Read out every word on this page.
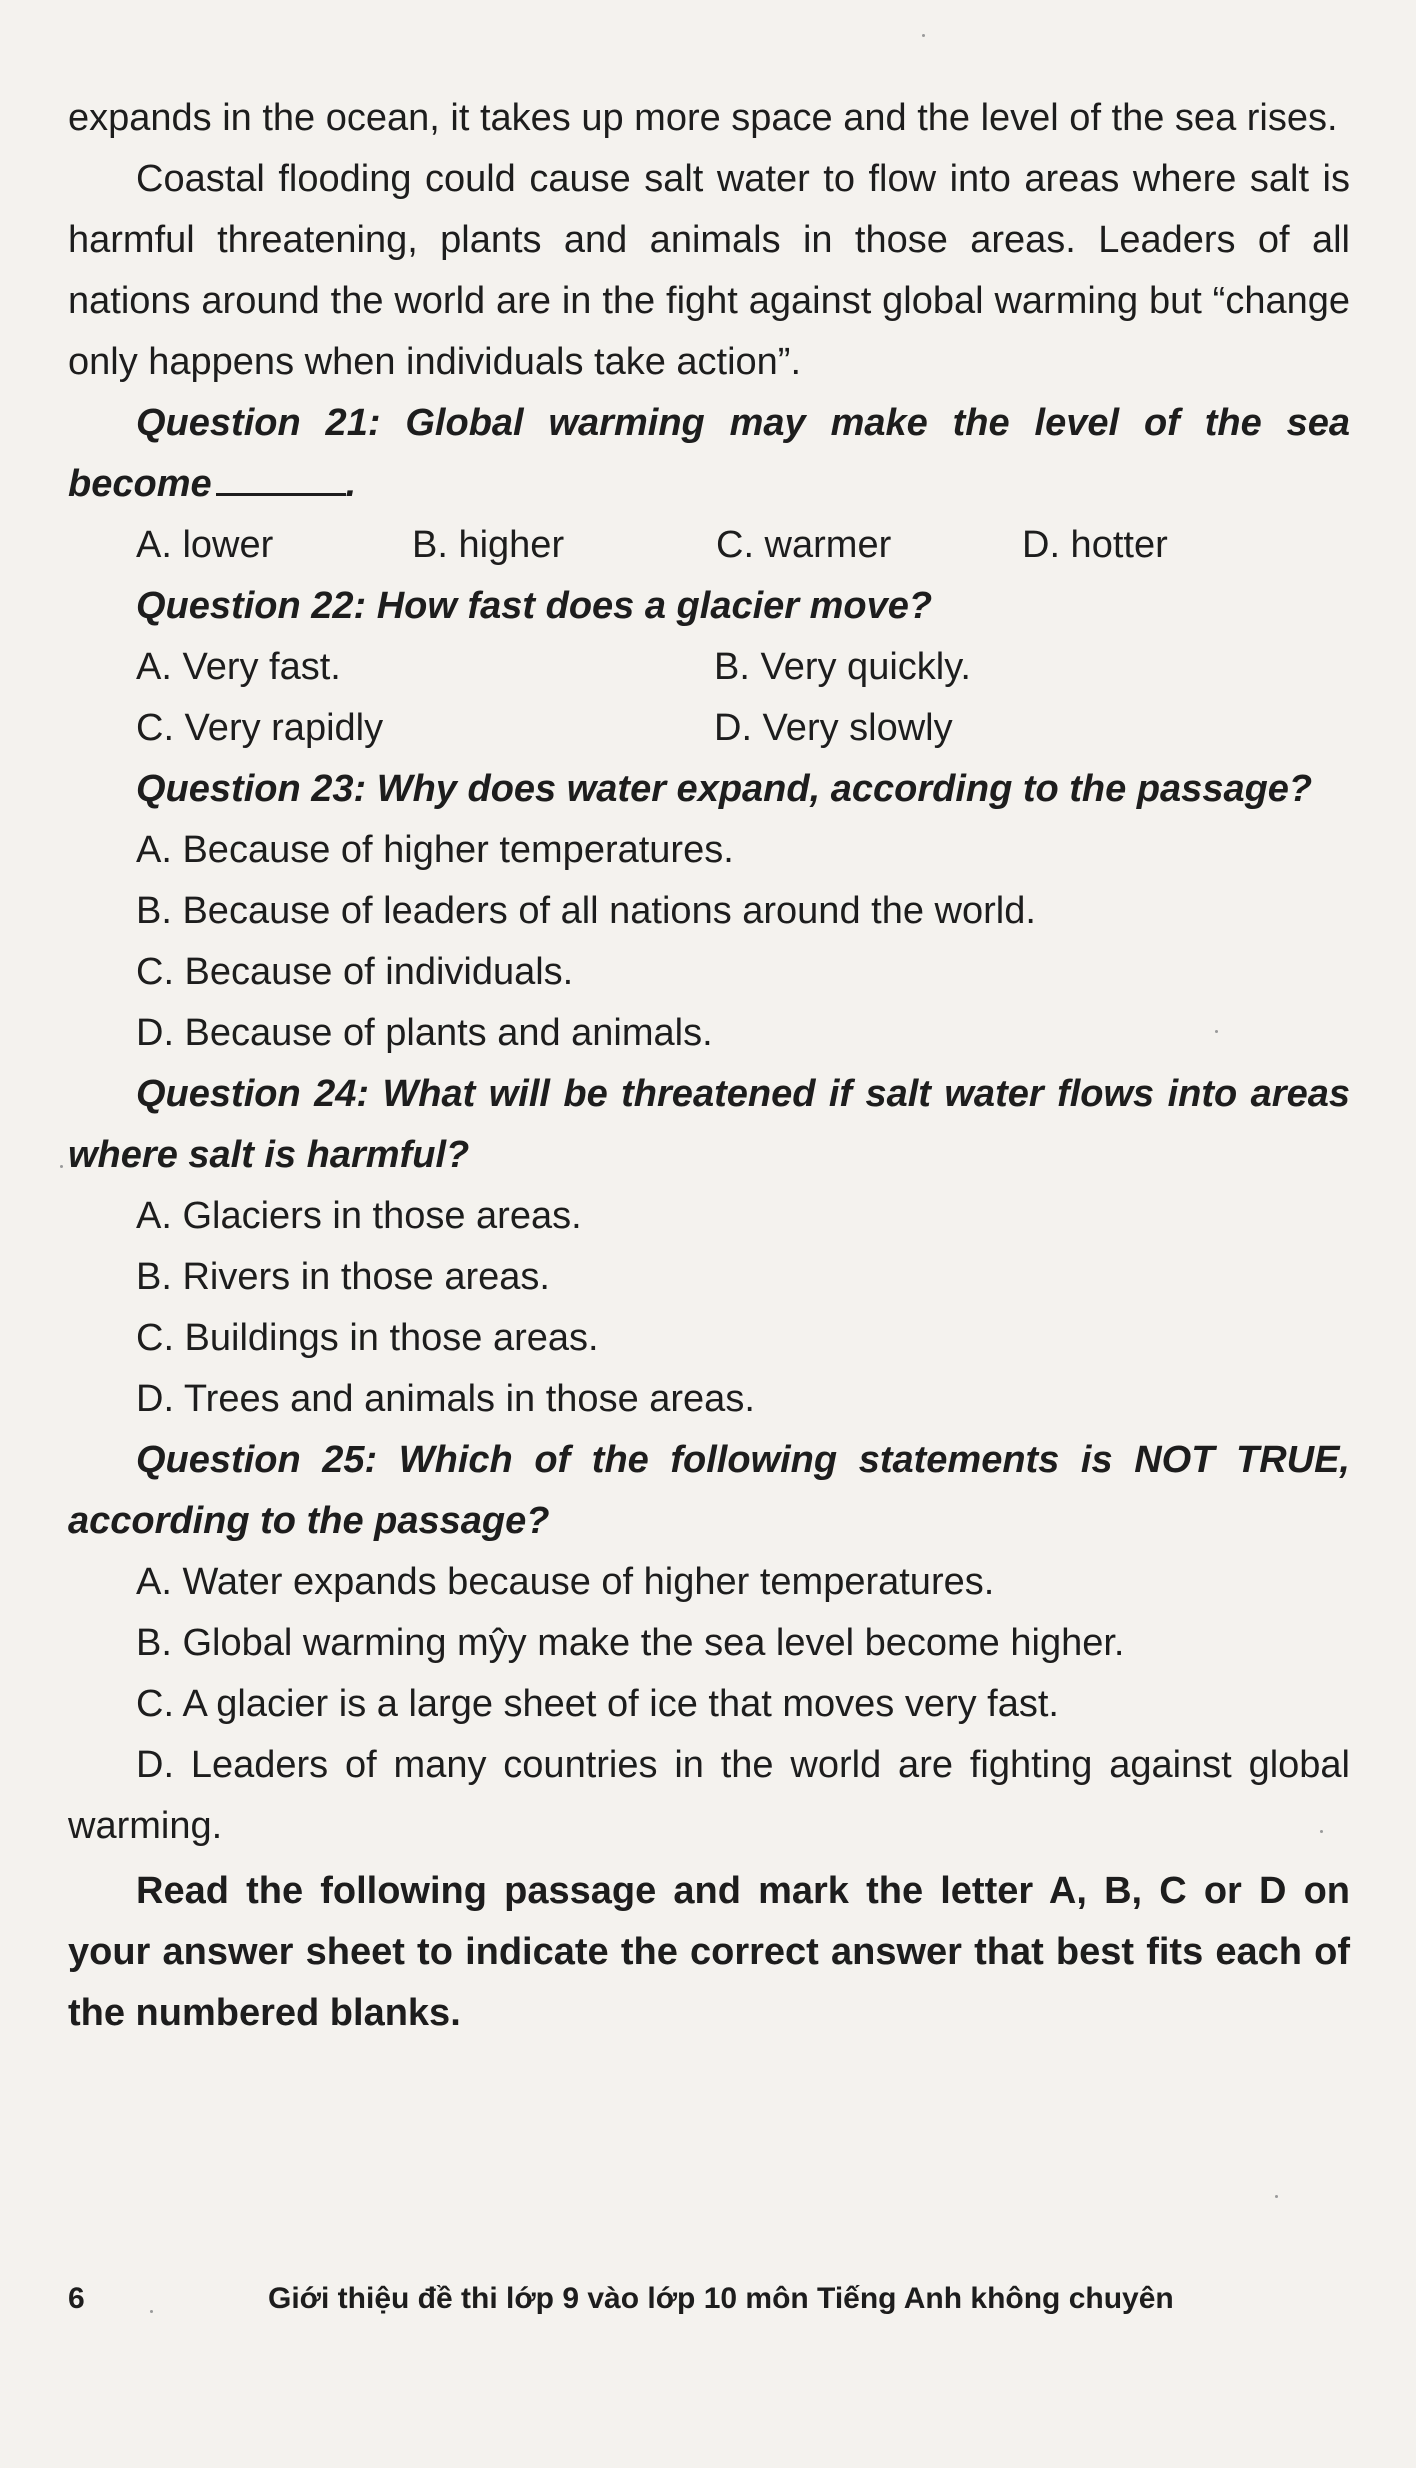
expands in the ocean, it takes up more space and the level of the sea rises.

Coastal flooding could cause salt water to flow into areas where salt is harmful threatening, plants and animals in those areas. Leaders of all nations around the world are in the fight against global warming but “change only happens when individuals take action”.

Question 21: Global warming may make the level of the sea become	.

A. lower	B. higher	C. warmer	D. hotter

Question 22: How fast does a glacier move?

A. Very fast.	B. Very quickly.
C. Very rapidly	D. Very slowly

Question 23: Why does water expand, according to the passage?

A. Because of higher temperatures.

B. Because of leaders of all nations around the world.

C. Because of individuals.

D. Because of plants and animals.

Question 24: What will be threatened if salt water flows into areas where salt is harmful?

A. Glaciers in those areas.

B. Rivers in those areas.

C. Buildings in those areas.

D. Trees and animals in those areas.

Question 25: Which of the following statements is NOT TRUE, according to the passage?

A. Water expands because of higher temperatures.

B. Global warming mŷy make the sea level become higher.

C. A glacier is a large sheet of ice that moves very fast.

D. Leaders of many countries in the world are fighting against global warming.

Read the following passage and mark the letter A, B, C or D on your answer sheet to indicate the correct answer that best fits each of the numbered blanks.

6	Giới thiệu đề thi lớp 9 vào lớp 10 môn Tiếng Anh không chuyên
